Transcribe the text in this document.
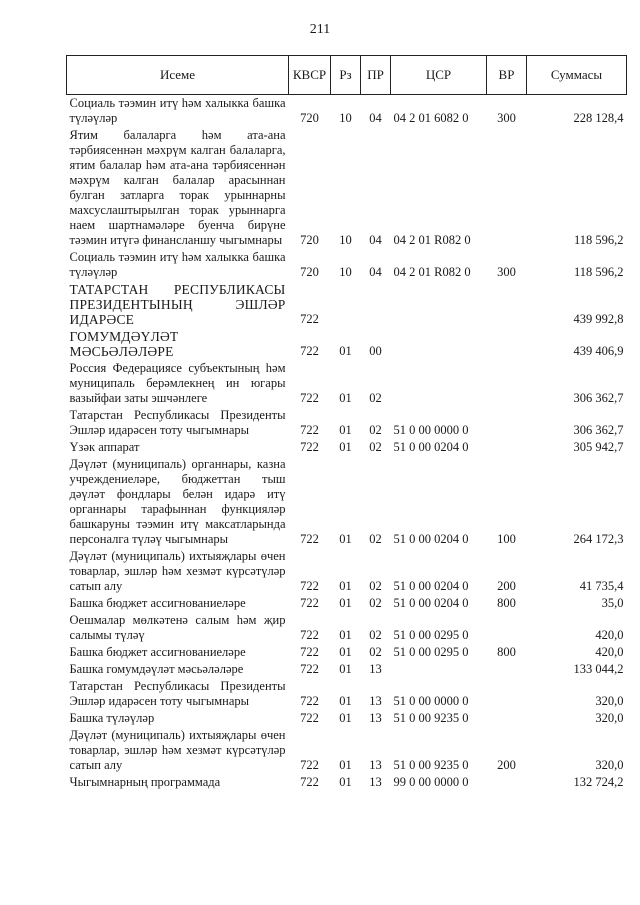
211
Исеме	КВСР	Рз	ПР	ЦСР	ВР	Суммасы
Социаль тәэмин итү һәм халыкка башка түләүләр	720	10	04	04 2 01 6082 0	300	228 128,4
Ятим балаларга һәм ата-ана тәрбиясеннән мәхрүм калган балаларга, ятим балалар һәм ата-ана тәрбиясеннән мәхрүм калган балалар арасыннан булган затларга торак урыннарны махсуслаштырылган торак урыннарга наем шартнамәләре буенча бирүне тәэмин итүгә финансланшу чыгымнары	720	10	04	04 2 01 R082 0		118 596,2
Социаль тәэмин итү һәм халыкка башка түләүләр	720	10	04	04 2 01 R082 0	300	118 596,2
ТАТАРСТАН РЕСПУБЛИКАСЫ ПРЕЗИДЕНТЫНЫҢ ЭШЛӘР ИДАРӘСЕ	722					439 992,8
ГОМУМДӘҮЛӘТ МӘСЬӘЛӘЛӘРЕ	722	01	00			439 406,9
Россия Федерациясе субъектының һәм муниципаль берәмлекнең ин югары вазыйфаи заты эшчәнлеге	722	01	02			306 362,7
Татарстан Республикасы Президенты Эшләр идарәсен тоту чыгымнары	722	01	02	51 0 00 0000 0		306 362,7
Үзәк аппарат	722	01	02	51 0 00 0204 0		305 942,7
Дәүләт (муниципаль) органнары, казна учреждениеләре, бюджеттан тыш дәүләт фондлары белән идарә итү органнары тарафыннан функцияләр башкаруны тәэмин итү максатларында персоналга түләү чыгымнары	722	01	02	51 0 00 0204 0	100	264 172,3
Дәүләт (муниципаль) ихтыяҗлары өчен товарлар, эшләр һәм хезмәт күрсәтүләр сатып алу	722	01	02	51 0 00 0204 0	200	41 735,4
Башка бюджет ассигнованиеләре	722	01	02	51 0 00 0204 0	800	35,0
Оешмалар мөлкәтенә салым һәм җир салымы түләү	722	01	02	51 0 00 0295 0		420,0
Башка бюджет ассигнованиеләре	722	01	02	51 0 00 0295 0	800	420,0
Башка гомумдәүләт мәсьәләләре	722	01	13			133 044,2
Татарстан Республикасы Президенты Эшләр идарәсен тоту чыгымнары	722	01	13	51 0 00 0000 0		320,0
Башка түләүләр	722	01	13	51 0 00 9235 0		320,0
Дәүләт (муниципаль) ихтыяҗлары өчен товарлар, эшләр һәм хезмәт күрсәтүләр сатып алу	722	01	13	51 0 00 9235 0	200	320,0
Чыгымнарның программада	722	01	13	99 0 00 0000 0		132 724,2
